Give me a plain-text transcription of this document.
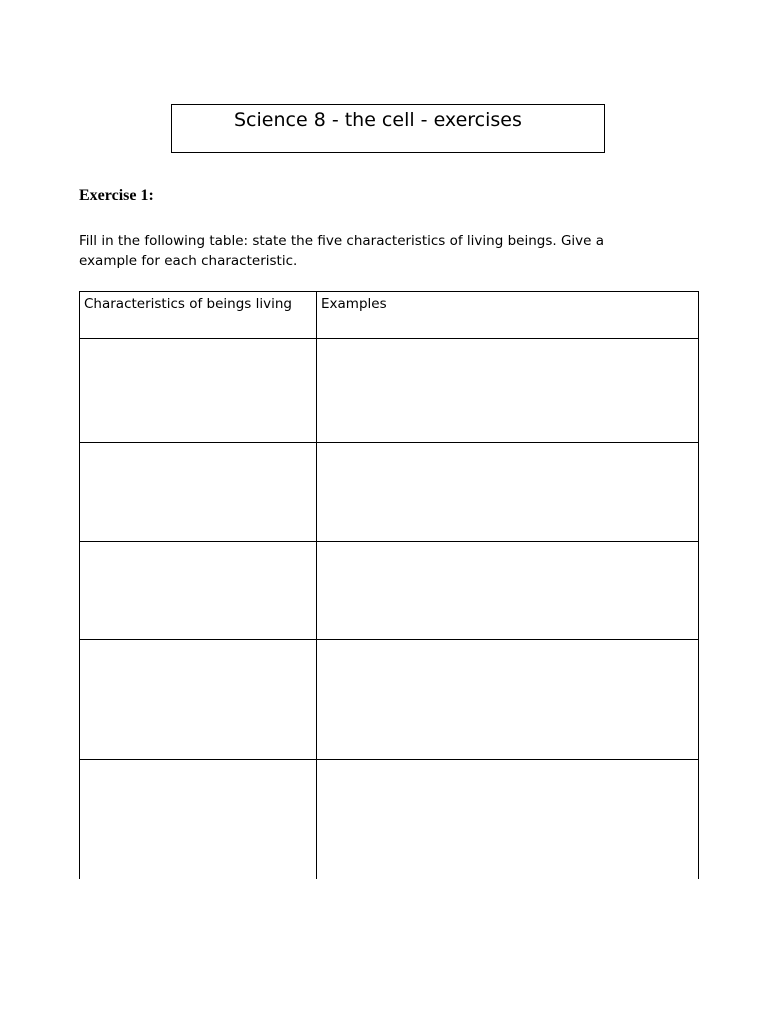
Science 8 - the cell - exercises
Exercise 1:
Fill in the following table: state the five characteristics of living beings. Give a example for each characteristic.
Characteristics of beings living	Examples
